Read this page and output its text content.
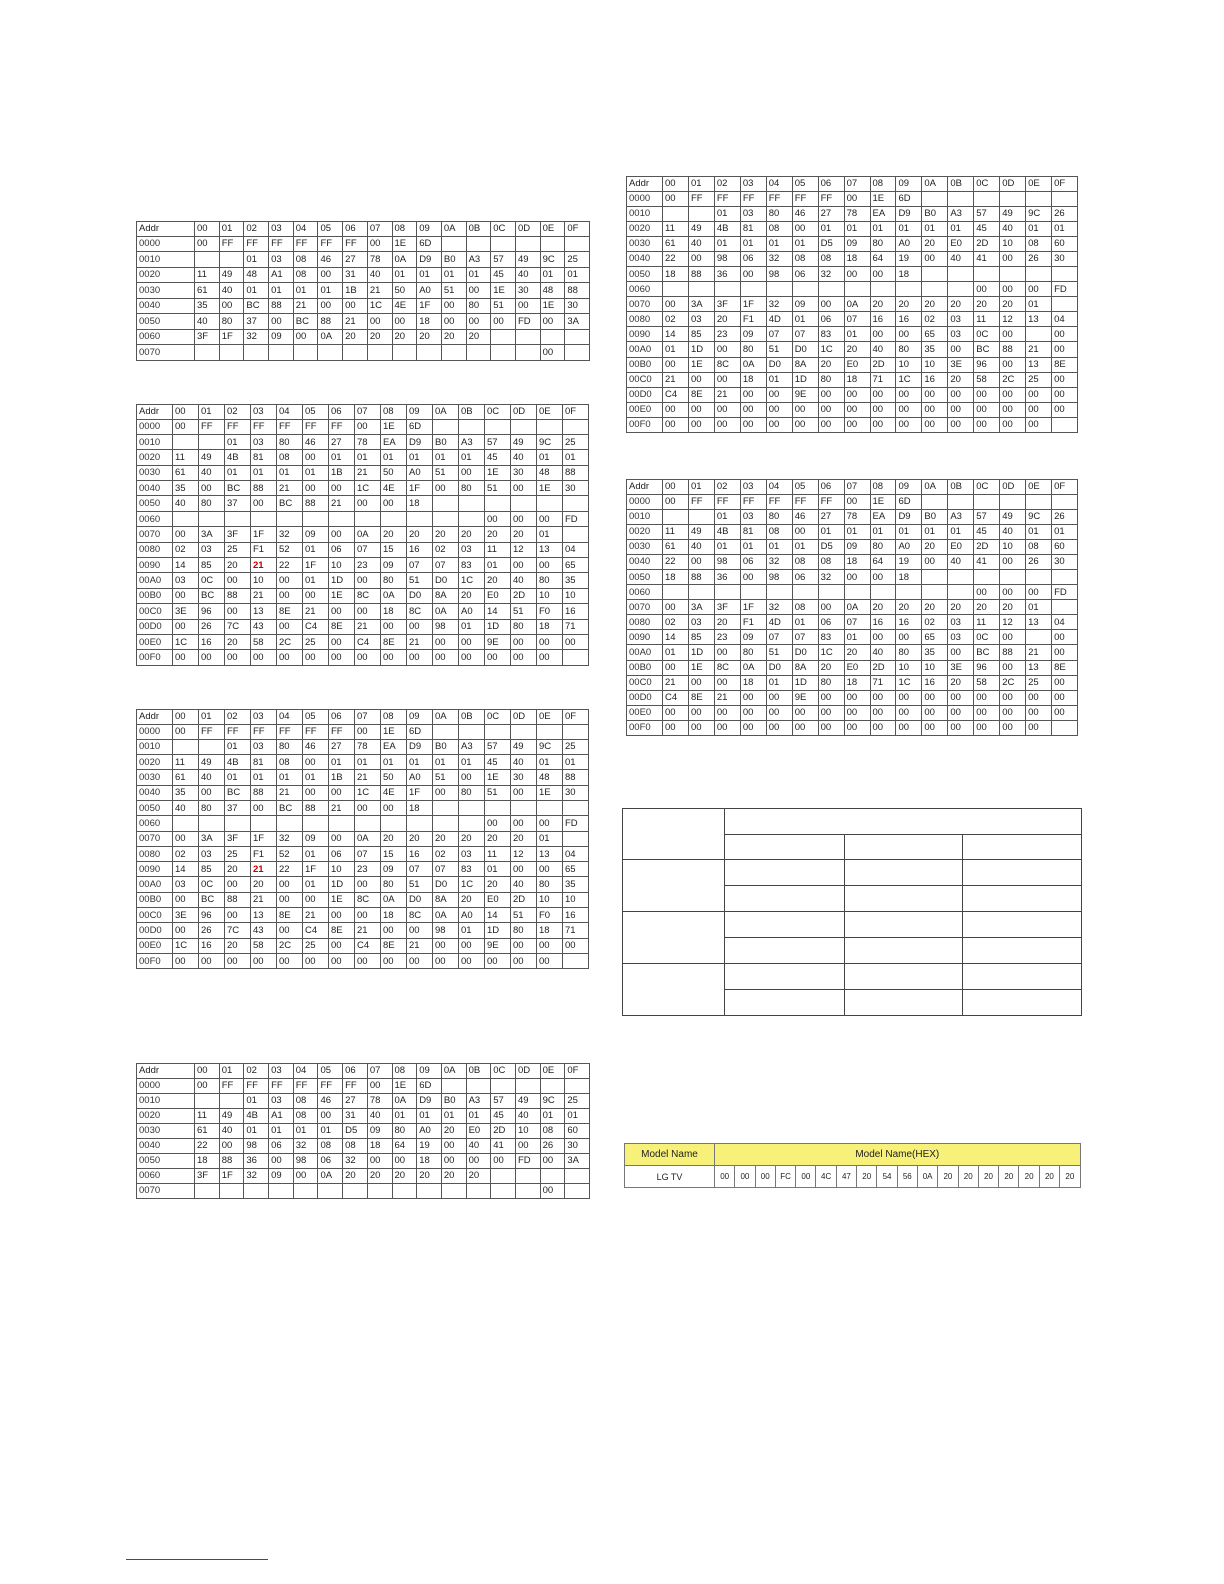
Addr	00	01	02	03	04	05	06	07	08	09	0A	0B	0C	0D	0E	0F
0000	00	FF	FF	FF	FF	FF	FF	00	1E	6D						
0010			01	03	08	46	27	78	0A	D9	B0	A3	57	49	9C	25
0020	11	49	48	A1	08	00	31	40	01	01	01	01	45	40	01	01
0030	61	40	01	01	01	01	1B	21	50	A0	51	00	1E	30	48	88
0040	35	00	BC	88	21	00	00	1C	4E	1F	00	80	51	00	1E	30
0050	40	80	37	00	BC	88	21	00	00	18	00	00	00	FD	00	3A
0060	3F	1F	32	09	00	0A	20	20	20	20	20	20				
0070															00	
Addr	00	01	02	03	04	05	06	07	08	09	0A	0B	0C	0D	0E	0F
0000	00	FF	FF	FF	FF	FF	FF	00	1E	6D						
0010			01	03	80	46	27	78	EA	D9	B0	A3	57	49	9C	25
0020	11	49	4B	81	08	00	01	01	01	01	01	01	45	40	01	01
0030	61	40	01	01	01	01	1B	21	50	A0	51	00	1E	30	48	88
0040	35	00	BC	88	21	00	00	1C	4E	1F	00	80	51	00	1E	30
0050	40	80	37	00	BC	88	21	00	00	18						
0060													00	00	00	FD
0070	00	3A	3F	1F	32	09	00	0A	20	20	20	20	20	20	01	
0080	02	03	25	F1	52	01	06	07	15	16	02	03	11	12	13	04
0090	14	85	20	21	22	1F	10	23	09	07	07	83	01	00	00	65
00A0	03	0C	00	10	00	01	1D	00	80	51	D0	1C	20	40	80	35
00B0	00	BC	88	21	00	00	1E	8C	0A	D0	8A	20	E0	2D	10	10
00C0	3E	96	00	13	8E	21	00	00	18	8C	0A	A0	14	51	F0	16
00D0	00	26	7C	43	00	C4	8E	21	00	00	98	01	1D	80	18	71
00E0	1C	16	20	58	2C	25	00	C4	8E	21	00	00	9E	00	00	00
00F0	00	00	00	00	00	00	00	00	00	00	00	00	00	00	00	
Addr	00	01	02	03	04	05	06	07	08	09	0A	0B	0C	0D	0E	0F
0000	00	FF	FF	FF	FF	FF	FF	00	1E	6D						
0010			01	03	80	46	27	78	EA	D9	B0	A3	57	49	9C	25
0020	11	49	4B	81	08	00	01	01	01	01	01	01	45	40	01	01
0030	61	40	01	01	01	01	1B	21	50	A0	51	00	1E	30	48	88
0040	35	00	BC	88	21	00	00	1C	4E	1F	00	80	51	00	1E	30
0050	40	80	37	00	BC	88	21	00	00	18						
0060													00	00	00	FD
0070	00	3A	3F	1F	32	09	00	0A	20	20	20	20	20	20	01	
0080	02	03	25	F1	52	01	06	07	15	16	02	03	11	12	13	04
0090	14	85	20	21	22	1F	10	23	09	07	07	83	01	00	00	65
00A0	03	0C	00	20	00	01	1D	00	80	51	D0	1C	20	40	80	35
00B0	00	BC	88	21	00	00	1E	8C	0A	D0	8A	20	E0	2D	10	10
00C0	3E	96	00	13	8E	21	00	00	18	8C	0A	A0	14	51	F0	16
00D0	00	26	7C	43	00	C4	8E	21	00	00	98	01	1D	80	18	71
00E0	1C	16	20	58	2C	25	00	C4	8E	21	00	00	9E	00	00	00
00F0	00	00	00	00	00	00	00	00	00	00	00	00	00	00	00	
Addr	00	01	02	03	04	05	06	07	08	09	0A	0B	0C	0D	0E	0F
0000	00	FF	FF	FF	FF	FF	FF	00	1E	6D						
0010			01	03	08	46	27	78	0A	D9	B0	A3	57	49	9C	25
0020	11	49	4B	A1	08	00	31	40	01	01	01	01	45	40	01	01
0030	61	40	01	01	01	01	D5	09	80	A0	20	E0	2D	10	08	60
0040	22	00	98	06	32	08	08	18	64	19	00	40	41	00	26	30
0050	18	88	36	00	98	06	32	00	00	18	00	00	00	FD	00	3A
0060	3F	1F	32	09	00	0A	20	20	20	20	20	20				
0070															00	
Addr	00	01	02	03	04	05	06	07	08	09	0A	0B	0C	0D	0E	0F
0000	00	FF	FF	FF	FF	FF	FF	00	1E	6D						
0010			01	03	80	46	27	78	EA	D9	B0	A3	57	49	9C	26
0020	11	49	4B	81	08	00	01	01	01	01	01	01	45	40	01	01
0030	61	40	01	01	01	01	D5	09	80	A0	20	E0	2D	10	08	60
0040	22	00	98	06	32	08	08	18	64	19	00	40	41	00	26	30
0050	18	88	36	00	98	06	32	00	00	18						
0060													00	00	00	FD
0070	00	3A	3F	1F	32	09	00	0A	20	20	20	20	20	20	01	
0080	02	03	20	F1	4D	01	06	07	16	16	02	03	11	12	13	04
0090	14	85	23	09	07	07	83	01	00	00	65	03	0C	00		00
00A0	01	1D	00	80	51	D0	1C	20	40	80	35	00	BC	88	21	00
00B0	00	1E	8C	0A	D0	8A	20	E0	2D	10	10	3E	96	00	13	8E
00C0	21	00	00	18	01	1D	80	18	71	1C	16	20	58	2C	25	00
00D0	C4	8E	21	00	00	9E	00	00	00	00	00	00	00	00	00	00
00E0	00	00	00	00	00	00	00	00	00	00	00	00	00	00	00	00
00F0	00	00	00	00	00	00	00	00	00	00	00	00	00	00	00	
Addr	00	01	02	03	04	05	06	07	08	09	0A	0B	0C	0D	0E	0F
0000	00	FF	FF	FF	FF	FF	FF	00	1E	6D						
0010			01	03	80	46	27	78	EA	D9	B0	A3	57	49	9C	26
0020	11	49	4B	81	08	00	01	01	01	01	01	01	45	40	01	01
0030	61	40	01	01	01	01	D5	09	80	A0	20	E0	2D	10	08	60
0040	22	00	98	06	32	08	08	18	64	19	00	40	41	00	26	30
0050	18	88	36	00	98	06	32	00	00	18						
0060													00	00	00	FD
0070	00	3A	3F	1F	32	08	00	0A	20	20	20	20	20	20	01	
0080	02	03	20	F1	4D	01	06	07	16	16	02	03	11	12	13	04
0090	14	85	23	09	07	07	83	01	00	00	65	03	0C	00		00
00A0	01	1D	00	80	51	D0	1C	20	40	80	35	00	BC	88	21	00
00B0	00	1E	8C	0A	D0	8A	20	E0	2D	10	10	3E	96	00	13	8E
00C0	21	00	00	18	01	1D	80	18	71	1C	16	20	58	2C	25	00
00D0	C4	8E	21	00	00	9E	00	00	00	00	00	00	00	00	00	00
00E0	00	00	00	00	00	00	00	00	00	00	00	00	00	00	00	00
00F0	00	00	00	00	00	00	00	00	00	00	00	00	00	00	00	

Model Name	Model Name(HEX)																	
LG TV	00	00	00	FC	00	4C	47	20	54	56	0A	20	20	20	20	20	20	20
